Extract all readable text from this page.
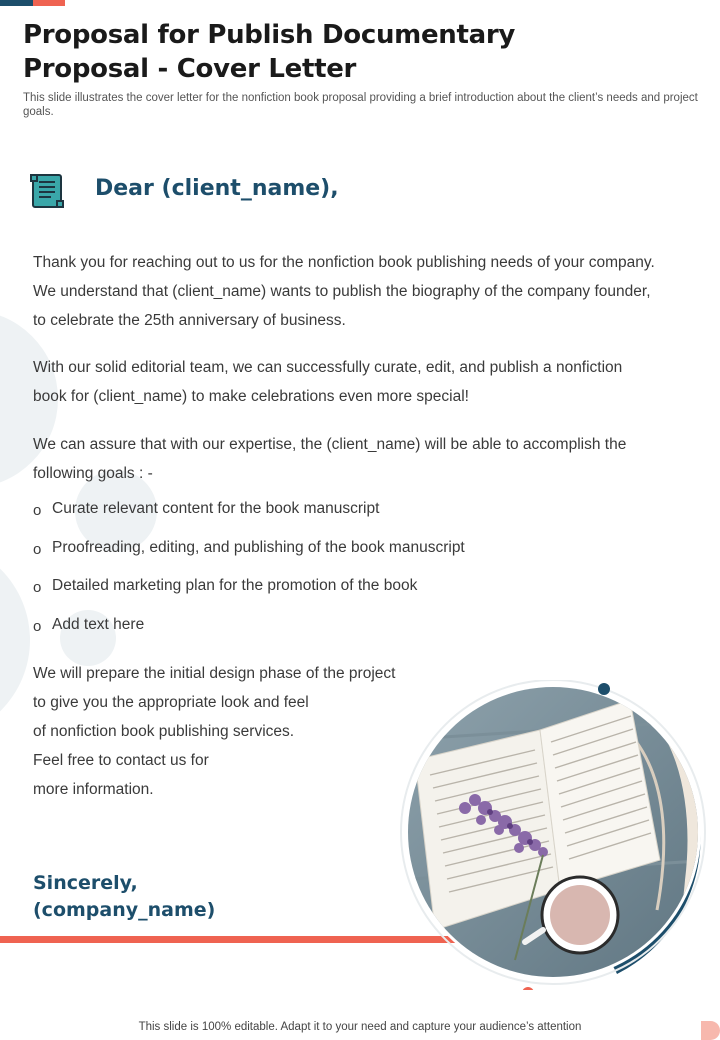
Proposal for Publish Documentary
Proposal - Cover Letter
This slide illustrates the cover letter for the nonfiction book proposal providing a brief introduction about the client’s needs and project goals.
Dear (client_name),

Thank you for reaching out to us for the nonfiction book publishing needs of your company.
We understand that (client_name) wants to publish the biography of the company founder,
to celebrate the 25th anniversary of business.

With our solid editorial team, we can successfully curate, edit, and publish a nonfiction
book for (client_name) to make celebrations even more special!

We can assure that with our expertise, the (client_name) will be able to accomplish the
following goals : -

o Curate relevant content for the book manuscript
o Proofreading, editing, and publishing of the book manuscript
o Detailed marketing plan for the promotion of the book
o Add text here

We will prepare the initial design phase of the project
to give you the appropriate look and feel
of nonfiction book publishing services.
Feel free to contact us for
more information.

Sincerely,
(company_name)
This slide is 100% editable. Adapt it to your need and capture your audience’s attention
